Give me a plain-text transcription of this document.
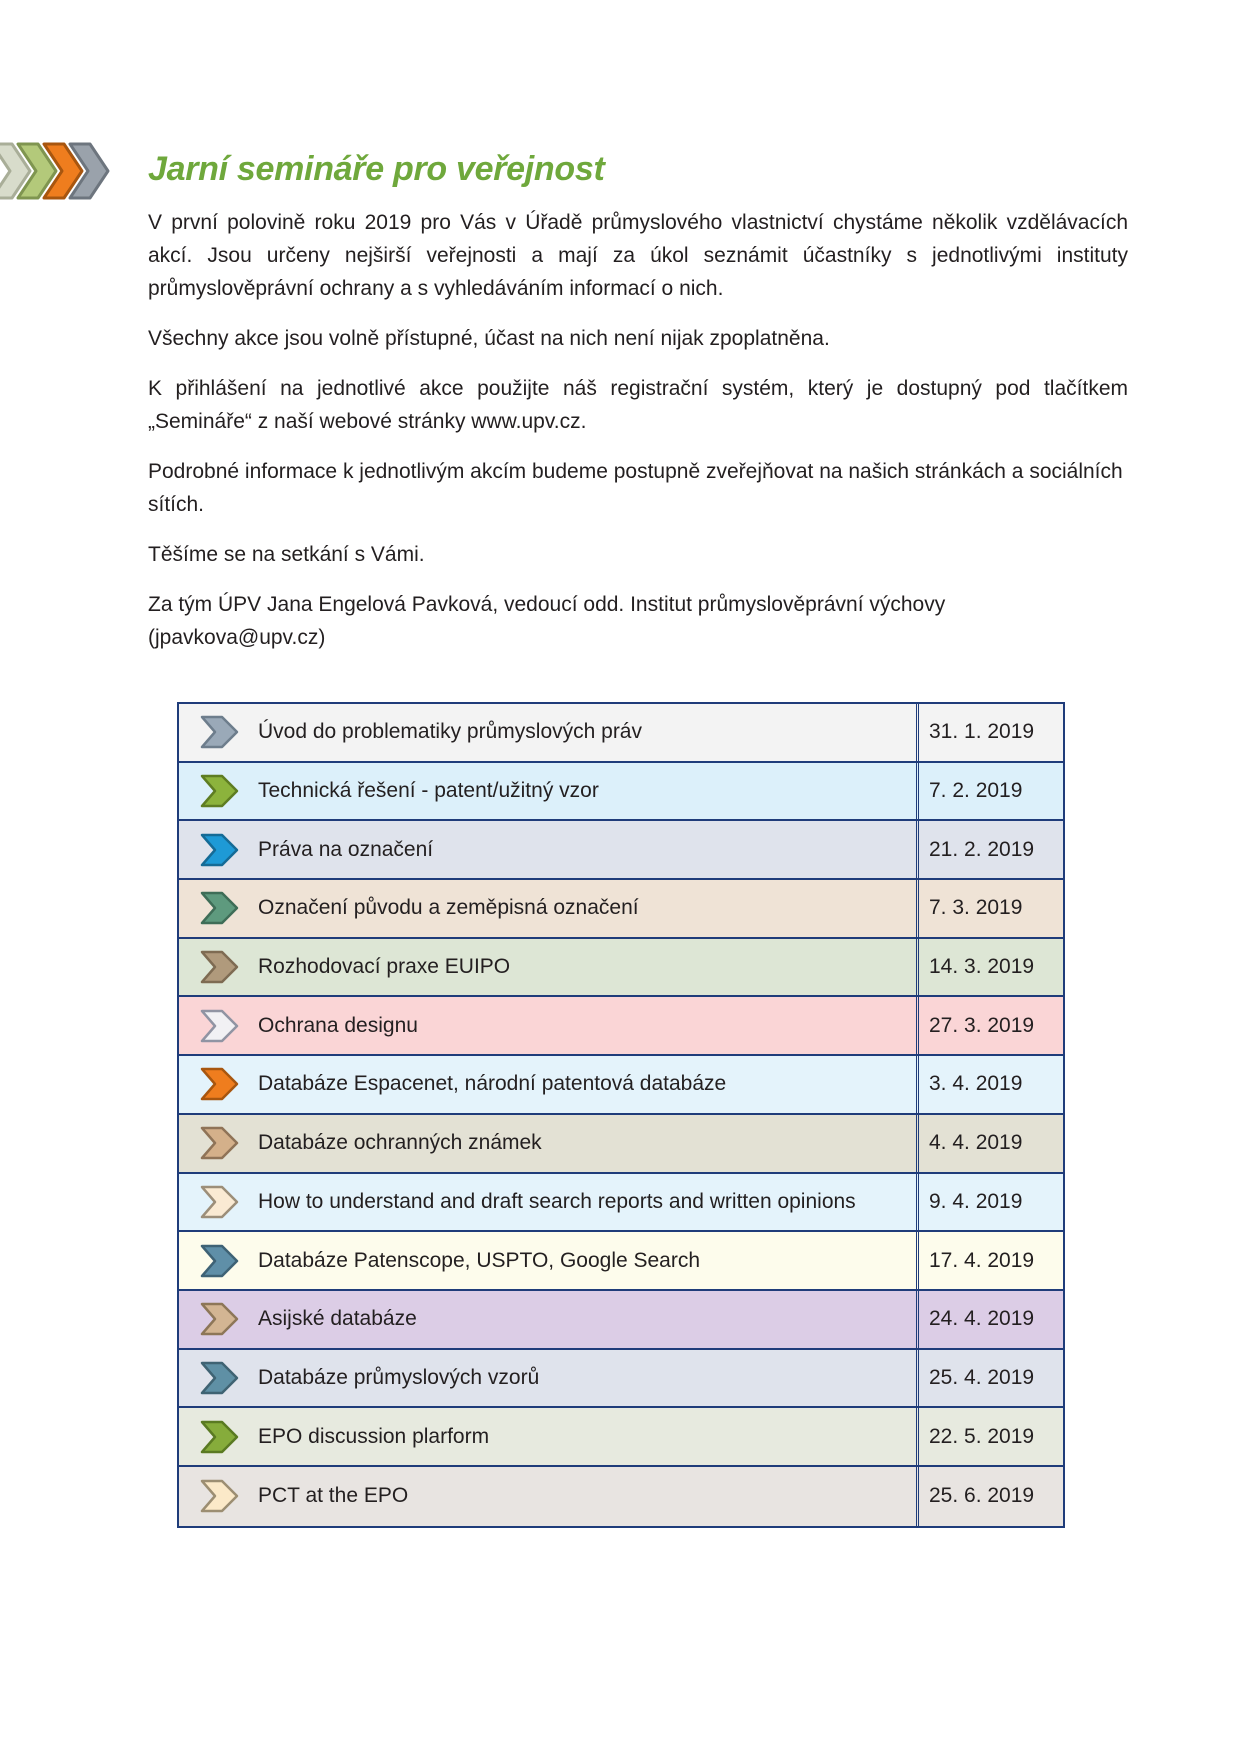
Jarní semináře pro veřejnost

V první polovině roku 2019 pro Vás v Úřadě průmyslového vlastnictví chystáme několik vzdělávacích akcí. Jsou určeny nejširší veřejnosti a mají za úkol seznámit účastníky s jednotlivými instituty průmyslověprávní ochrany a s vyhledáváním informací o nich.

Všechny akce jsou volně přístupné, účast na nich není nijak zpoplatněna.

K přihlášení na jednotlivé akce použijte náš registrační systém, který je dostupný pod tlačítkem „Semináře“ z naší webové stránky www.upv.cz.

Podrobné informace k jednotlivým akcím budeme postupně zveřejňovat na našich stránkách a sociálních sítích.

Těšíme se na setkání s Vámi.

Za tým ÚPV Jana Engelová Pavková, vedoucí odd. Institut průmyslověprávní výchovy (jpavkova@upv.cz)

Úvod do problematiky průmyslových práv	31. 1. 2019
Technická řešení - patent/užitný vzor	7. 2. 2019
Práva na označení	21. 2. 2019
Označení původu a zeměpisná označení	7. 3. 2019
Rozhodovací praxe EUIPO	14. 3. 2019
Ochrana designu	27. 3. 2019
Databáze Espacenet, národní patentová databáze	3. 4. 2019
Databáze ochranných známek	4. 4. 2019
How to understand and draft search reports and written opinions	9. 4. 2019
Databáze Patenscope, USPTO, Google Search	17. 4. 2019
Asijské databáze	24. 4. 2019
Databáze průmyslových vzorů	25. 4. 2019
EPO discussion plarform	22. 5. 2019
PCT at the EPO	25. 6. 2019
